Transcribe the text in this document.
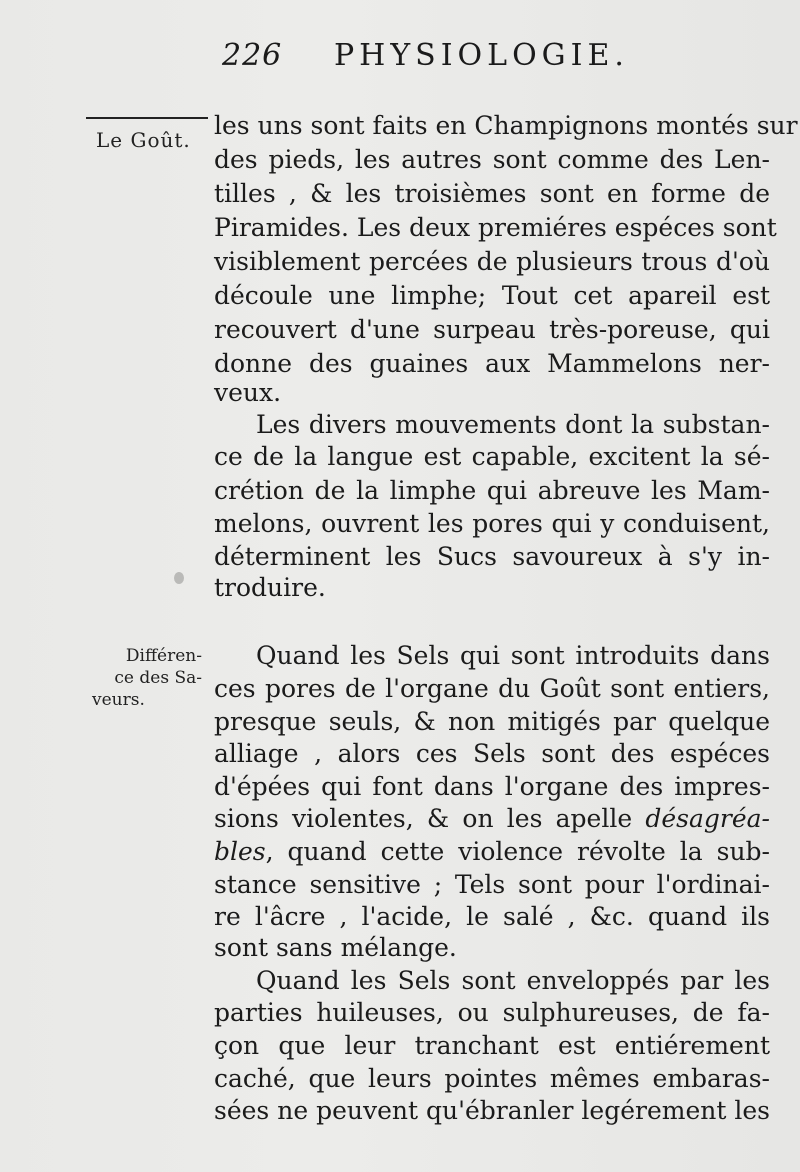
226 PHYSIOLOGIE.
Le Goût.
Différen-
ce des Sa-
veurs.
les uns sont faits en Champignons montés sur
des pieds, les autres sont comme des Len-
tilles , & les troisièmes sont en forme de
Piramides. Les deux premiéres espéces sont
visiblement percées de plusieurs trous d'où
découle une limphe; Tout cet apareil est
recouvert d'une surpeau très-poreuse, qui
donne des guaines aux Mammelons ner-
veux.
Les divers mouvements dont la substan-
ce de la langue est capable, excitent la sé-
crétion de la limphe qui abreuve les Mam-
melons, ouvrent les pores qui y conduisent,
déterminent les Sucs savoureux à s'y in-
troduire.
Quand les Sels qui sont introduits dans
ces pores de l'organe du Goût sont entiers,
presque seuls, & non mitigés par quelque
alliage , alors ces Sels sont des espéces
d'épées qui font dans l'organe des impres-
sions violentes, & on les apelle désagréa-
bles, quand cette violence révolte la sub-
stance sensitive ; Tels sont pour l'ordinai-
re l'âcre , l'acide, le salé , &c. quand ils
sont sans mélange.
Quand les Sels sont enveloppés par les
parties huileuses, ou sulphureuses, de fa-
çon que leur tranchant est entiérement
caché, que leurs pointes mêmes embaras-
sées ne peuvent qu'ébranler legérement les
